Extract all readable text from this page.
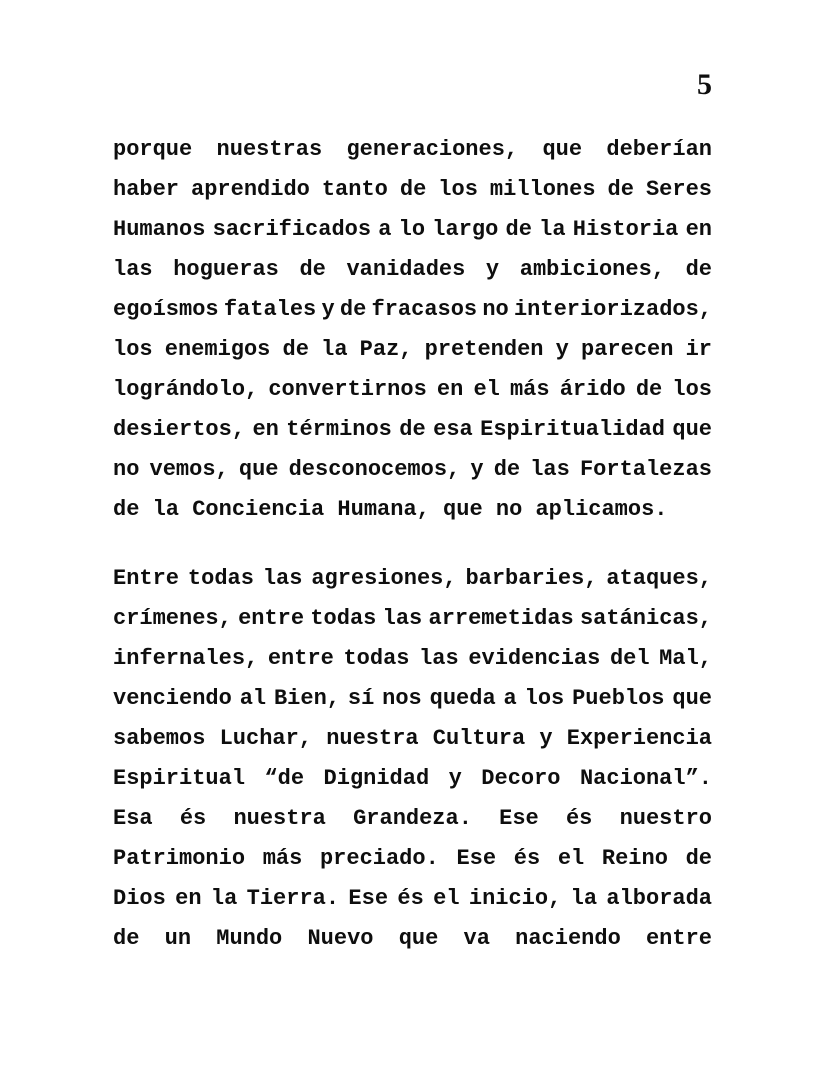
5
porque nuestras generaciones, que deberían
haber aprendido tanto de los millones de Seres
Humanos sacrificados a lo largo de la Historia en
las hogueras de vanidades y ambiciones, de
egoísmos fatales y de fracasos no interiorizados,
los enemigos de la Paz, pretenden y parecen ir
lográndolo, convertirnos en el más árido de los
desiertos, en términos de esa Espiritualidad que
no vemos, que desconocemos, y de las Fortalezas
de la Conciencia Humana, que no aplicamos.
Entre todas las agresiones, barbaries, ataques,
crímenes, entre todas las arremetidas satánicas,
infernales, entre todas las evidencias del Mal,
venciendo al Bien, sí nos queda a los Pueblos que
sabemos Luchar, nuestra Cultura y Experiencia
Espiritual “de Dignidad y Decoro Nacional”.
Esa és nuestra Grandeza. Ese és nuestro
Patrimonio más preciado. Ese és el Reino de
Dios en la Tierra. Ese és el inicio, la alborada
de un Mundo Nuevo que va naciendo entre
